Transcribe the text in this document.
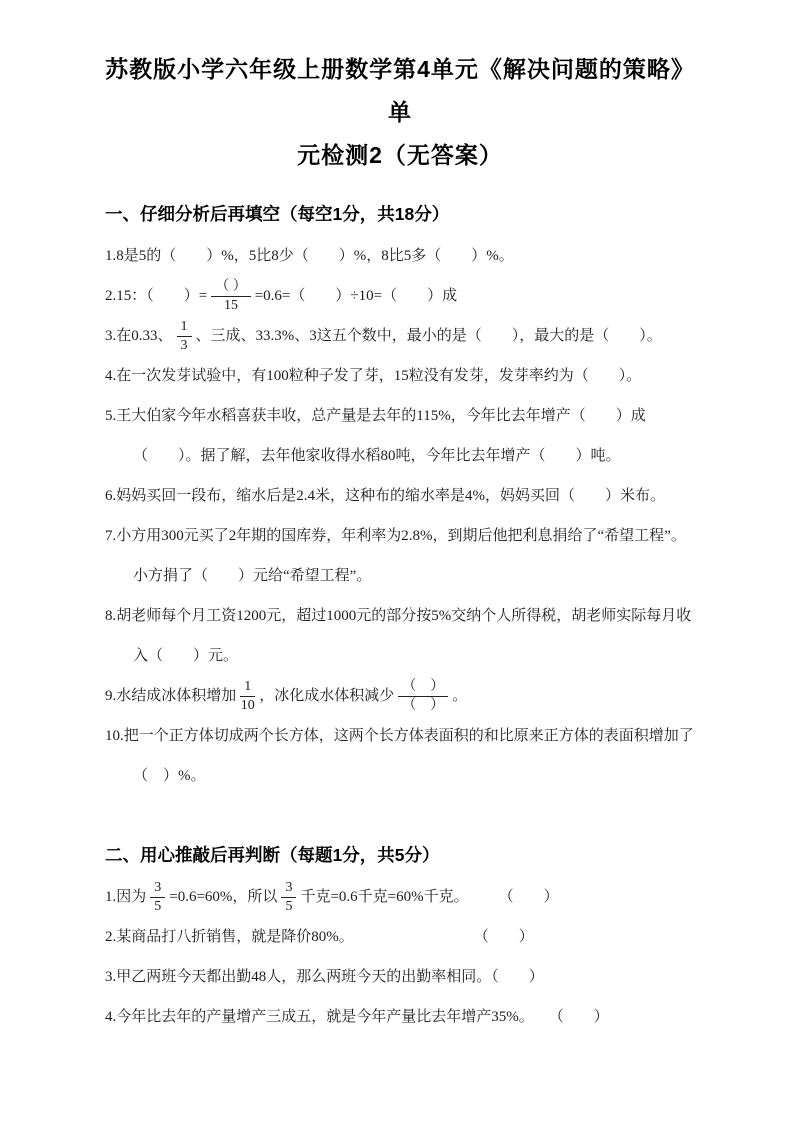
苏教版小学六年级上册数学第4单元《解决问题的策略》单
元检测2（无答案）
一、仔细分析后再填空（每空1分，共18分）

1.8是5的（　　）%，5比8少（　　）%，8比5多（　　）%。

2.15：（　　）= $\frac{( )}{15} =0.6=$（　　）÷10=（　　）成

3.在0.33、 $\frac{1}{3}$ 、三成、33.3%、3这五个数中，最小的是（　　），最大的是（　　）。

4.在一次发芽试验中，有100粒种子发了芽，15粒没有发芽，发芽率约为（　　）。

5.王大伯家今年水稻喜获丰收，总产量是去年的115%，今年比去年增产（　　）成（　　）。据了解，去年他家收得水稻80吨，今年比去年增产（　　）吨。

6.妈妈买回一段布，缩水后是2.4米，这种布的缩水率是4%，妈妈买回（　　）米布。

7.小方用300元买了2年期的国库券，年利率为2.8%，到期后他把利息捐给了“希望工程”。小方捐了（　　）元给“希望工程”。

8.胡老师每个月工资1200元，超过1000元的部分按5%交纳个人所得税，胡老师实际每月收入（　　）元。

9.水结成冰体积增加 $\frac{1}{10}$ ，冰化成水体积减少 $\frac{( )}{( )}$ 。

10.把一个正方体切成两个长方体，这两个长方体表面积的和比原来正方体的表面积增加了（　）%。

二、用心推敲后再判断（每题1分，共5分）

1.因为 $\frac{3}{5} =0.6=60\%$，所以 $\frac{3}{5}$ 千克=0.6千克=60%千克。　　　（　　）

2.某商品打八折销售，就是降价80%。　　　　　　　　　（　　）

3.甲乙两班今天都出勤48人，那么两班今天的出勤率相同。（　　）

4.今年比去年的产量增产三成五，就是今年产量比去年增产35%。　　（　　）
